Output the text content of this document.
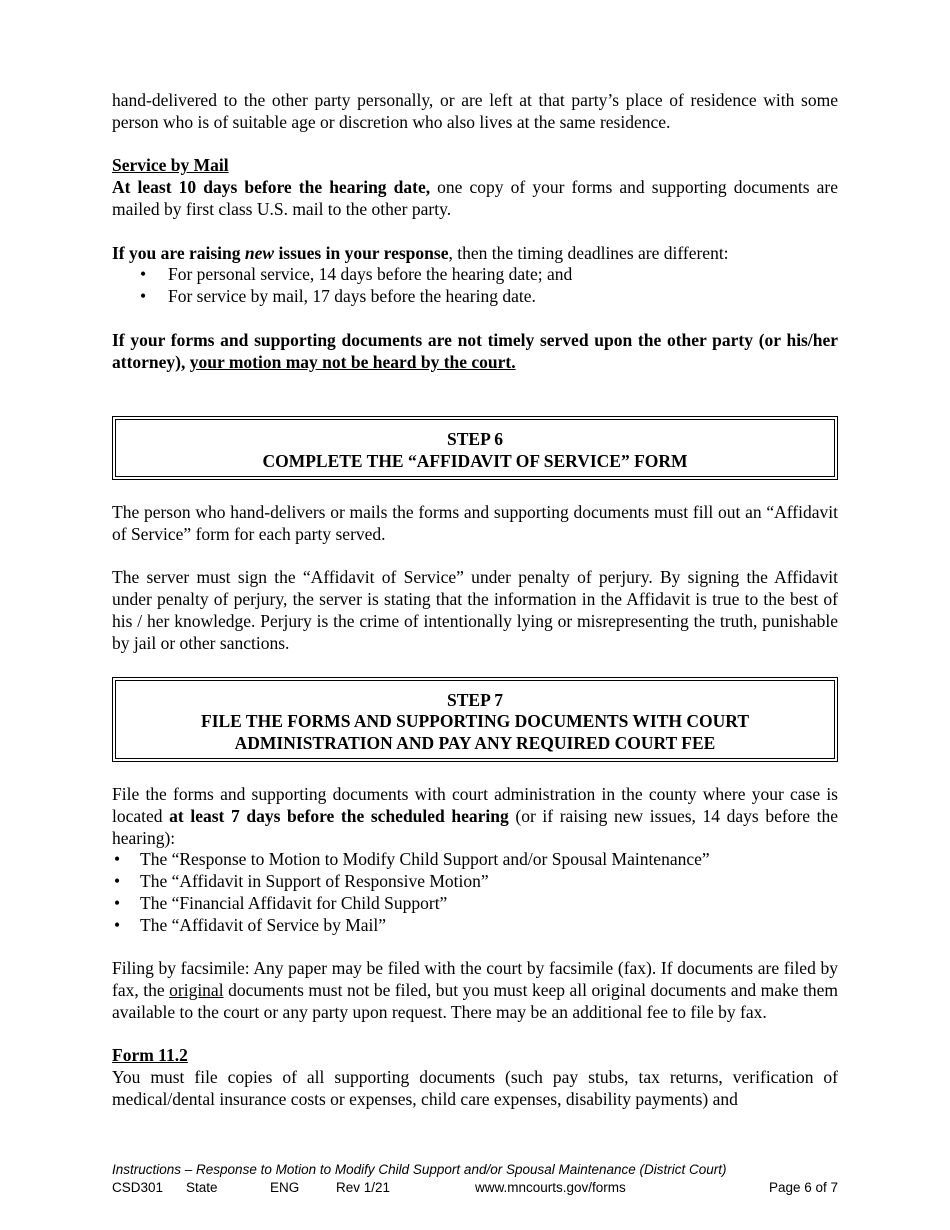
hand-delivered to the other party personally, or are left at that party’s place of residence with some person who is of suitable age or discretion who also lives at the same residence.

Service by Mail

At least 10 days before the hearing date, one copy of your forms and supporting documents are mailed by first class U.S. mail to the other party.

If you are raising new issues in your response, then the timing deadlines are different:

• For personal service, 14 days before the hearing date; and
• For service by mail, 17 days before the hearing date.

If your forms and supporting documents are not timely served upon the other party (or his/her attorney), your motion may not be heard by the court.

STEP 6
COMPLETE THE “AFFIDAVIT OF SERVICE” FORM

The person who hand-delivers or mails the forms and supporting documents must fill out an “Affidavit of Service” form for each party served.

The server must sign the “Affidavit of Service” under penalty of perjury. By signing the Affidavit under penalty of perjury, the server is stating that the information in the Affidavit is true to the best of his / her knowledge. Perjury is the crime of intentionally lying or misrepresenting the truth, punishable by jail or other sanctions.

STEP 7
FILE THE FORMS AND SUPPORTING DOCUMENTS WITH COURT
ADMINISTRATION AND PAY ANY REQUIRED COURT FEE

File the forms and supporting documents with court administration in the county where your case is located at least 7 days before the scheduled hearing (or if raising new issues, 14 days before the hearing):

• The “Response to Motion to Modify Child Support and/or Spousal Maintenance”
• The “Affidavit in Support of Responsive Motion”
• The “Financial Affidavit for Child Support”
• The “Affidavit of Service by Mail”

Filing by facsimile: Any paper may be filed with the court by facsimile (fax). If documents are filed by fax, the original documents must not be filed, but you must keep all original documents and make them available to the court or any party upon request. There may be an additional fee to file by fax.

Form 11.2

You must file copies of all supporting documents (such pay stubs, tax returns, verification of medical/dental insurance costs or expenses, child care expenses, disability payments) and

Instructions – Response to Motion to Modify Child Support and/or Spousal Maintenance (District Court)
CSD301 State	ENG	Rev 1/21	www.mncourts.gov/forms	Page 6 of 7
